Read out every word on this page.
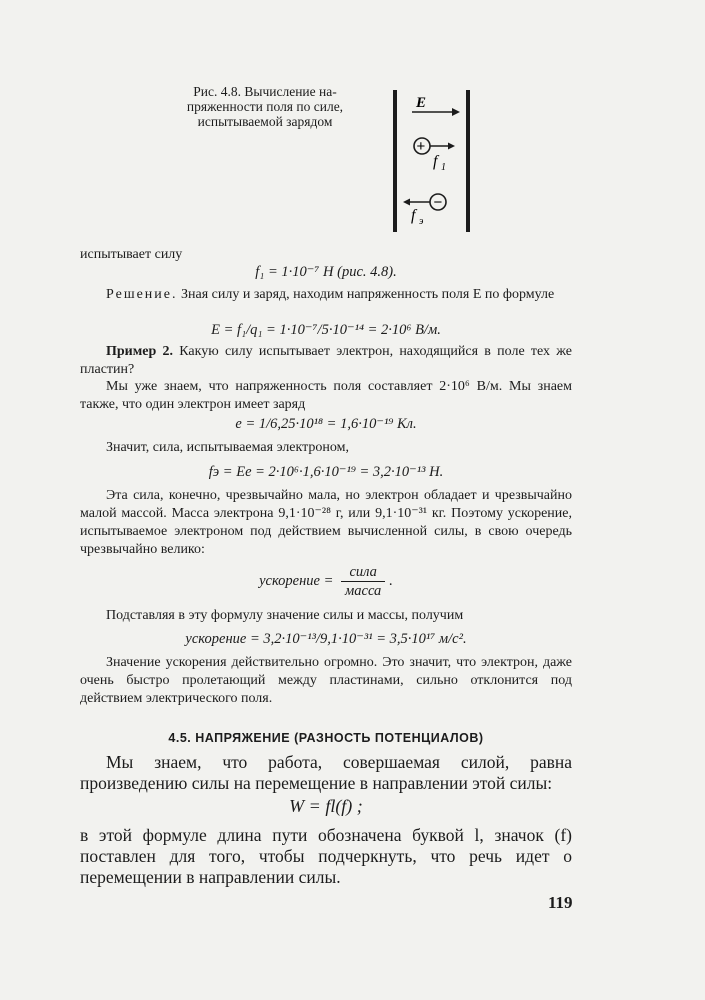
Рис. 4.8. Вычисление на-
пряженности поля по силе,
испытываемой зарядом
E
+
f 1
−
f э
испытывает силу
f₁ = 1·10⁻⁷ Н (рис. 4.8).
Решение. Зная силу и заряд, находим напряженность поля E по формуле
E = f₁/q₁ = 1·10⁻⁷/5·10⁻¹⁴ = 2·10⁶ В/м.
Пример 2. Какую силу испытывает электрон, находящийся в поле тех же пластин?
Мы уже знаем, что напряженность поля составляет 2·10⁶ В/м. Мы знаем также, что один электрон имеет заряд
e = 1/6,25·10¹⁸ = 1,6·10⁻¹⁹ Кл.
Значит, сила, испытываемая электроном,
fэ = Ee = 2·10⁶·1,6·10⁻¹⁹ = 3,2·10⁻¹³ Н.
Эта сила, конечно, чрезвычайно мала, но электрон обладает и чрезвычайно малой массой. Масса электрона 9,1·10⁻²⁸ г, или 9,1·10⁻³¹ кг. Поэтому ускорение, испытываемое электроном под действием вычисленной силы, в свою очередь чрезвычайно велико:
ускорение = $\frac{\text{сила}}{\text{масса}}$ .
Подставляя в эту формулу значение силы и массы, получим
ускорение = 3,2·10⁻¹³/9,1·10⁻³¹ = 3,5·10¹⁷ м/с².
Значение ускорения действительно огромно. Это значит, что электрон, даже очень быстро пролетающий между пластинами, сильно отклонится под действием электрического поля.
4.5. НАПРЯЖЕНИЕ (РАЗНОСТЬ ПОТЕНЦИАЛОВ)
Мы знаем, что работа, совершаемая силой, равна произведению силы на перемещение в направлении этой силы:
W = fl(f) ;
в этой формуле длина пути обозначена буквой l, значок (f) поставлен для того, чтобы подчеркнуть, что речь идет о перемещении в направлении силы.
119
